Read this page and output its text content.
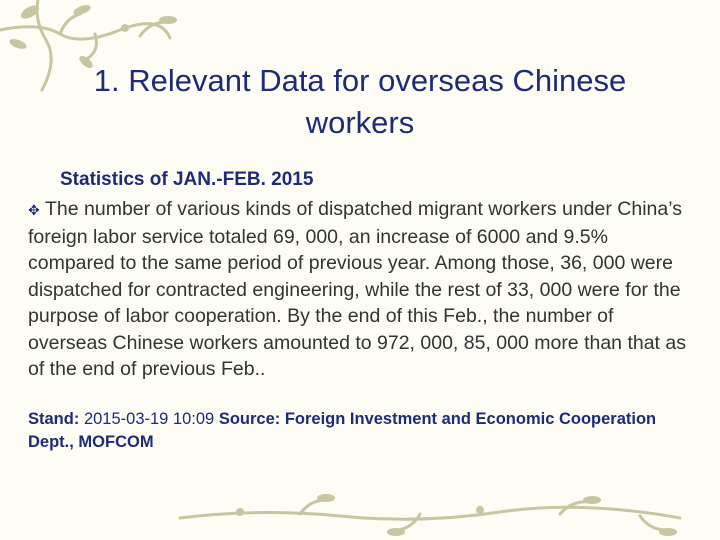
1. Relevant Data for overseas Chinese workers
Statistics of JAN.-FEB. 2015
✥ The number of various kinds of dispatched migrant workers under China’s foreign labor service totaled 69, 000, an increase of 6000 and 9.5% compared to the same period of previous year. Among those, 36, 000 were dispatched for contracted engineering, while the rest of 33, 000 were for the purpose of labor cooperation. By the end of this Feb., the number of overseas Chinese workers amounted to 972, 000, 85, 000 more than that as of the end of previous Feb..
Stand: 2015-03-19 10:09 Source: Foreign Investment and Economic Cooperation Dept., MOFCOM
